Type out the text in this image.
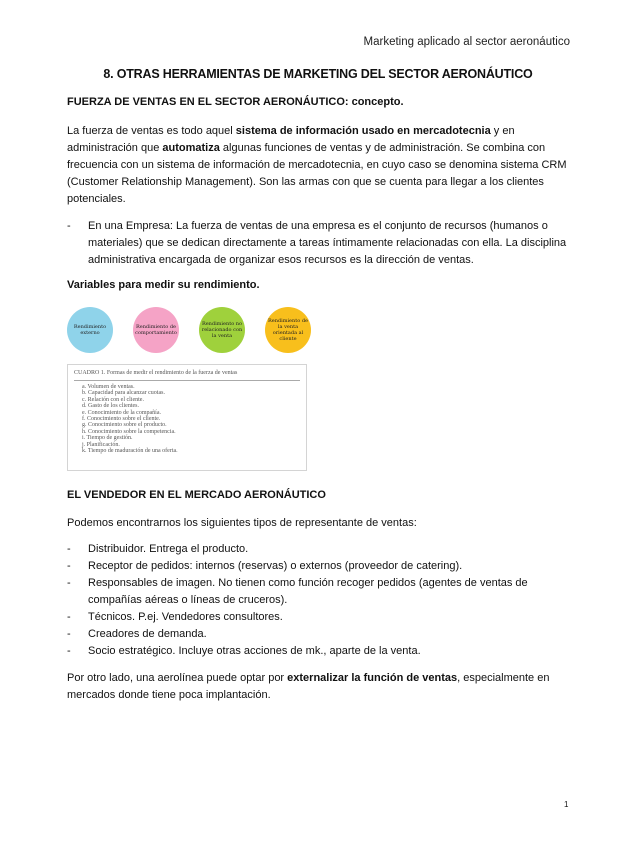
Marketing aplicado al sector aeronáutico
8. OTRAS HERRAMIENTAS DE MARKETING DEL SECTOR AERONÁUTICO
FUERZA DE VENTAS EN EL SECTOR AERONÁUTICO: concepto.

La fuerza de ventas es todo aquel sistema de información usado en mercadotecnia y en administración que automatiza algunas funciones de ventas y de administración. Se combina con frecuencia con un sistema de información de mercadotecnia, en cuyo caso se denomina sistema CRM (Customer Relationship Management). Son las armas con que se cuenta para llegar a los clientes potenciales.

- En una Empresa: La fuerza de ventas de una empresa es el conjunto de recursos (humanos o materiales) que se dedican directamente a tareas íntimamente relacionadas con ella. La disciplina administrativa encargada de organizar esos recursos es la dirección de ventas.
Variables para medir su rendimiento.
Rendimiento externo
Rendimiento de comportamiento
Rendimiento no relacionado con la venta
Rendimiento de la venta orientada al cliente
CUADRO 1. Formas de medir el rendimiento de la fuerza de ventas
a. Volumen de ventas.
b. Capacidad para alcanzar cuotas.
c. Relación con el cliente.
d. Gasto de los clientes.
e. Conocimiento de la compañía.
f. Conocimiento sobre el cliente.
g. Conocimiento sobre el producto.
h. Conocimiento sobre la competencia.
i. Tiempo de gestión.
j. Planificación.
k. Tiempo de maduración de una oferta.
EL VENDEDOR EN EL MERCADO AERONÁUTICO

Podemos encontrarnos los siguientes tipos de representante de ventas:

- Distribuidor. Entrega el producto.
- Receptor de pedidos: internos (reservas) o externos (proveedor de catering).
- Responsables de imagen. No tienen como función recoger pedidos (agentes de ventas de compañías aéreas o líneas de cruceros).
- Técnicos. P.ej. Vendedores consultores.
- Creadores de demanda.
- Socio estratégico. Incluye otras acciones de mk., aparte de la venta.

Por otro lado, una aerolínea puede optar por externalizar la función de ventas, especialmente en mercados donde tiene poca implantación.

1
